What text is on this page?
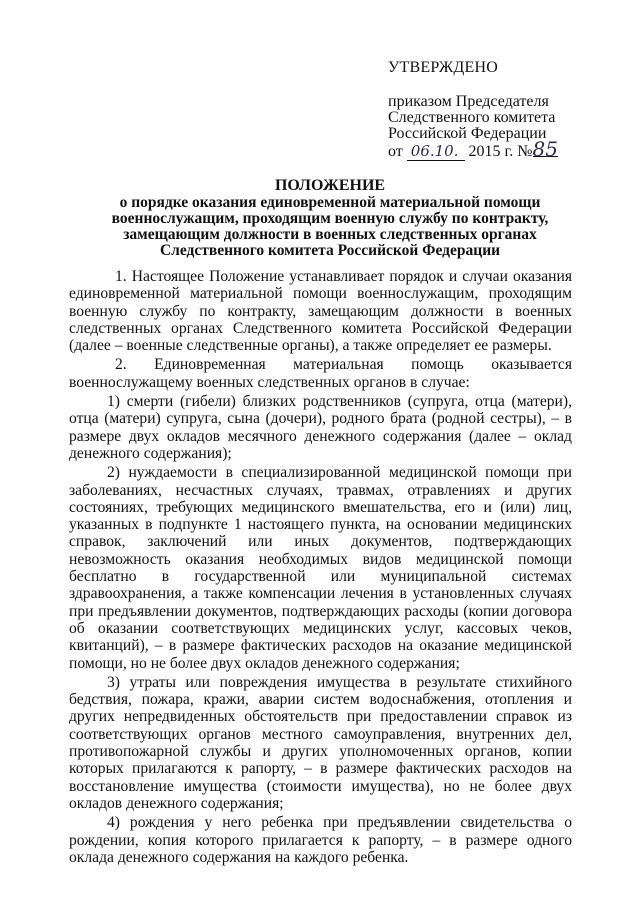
УТВЕРЖДЕНО
приказом Председателя
Следственного комитета
Российской Федерации
от 06.10. 2015 г. №85
ПОЛОЖЕНИЕ
о порядке оказания единовременной материальной помощи
военнослужащим, проходящим военную службу по контракту,
замещающим должности в военных следственных органах
Следственного комитета Российской Федерации

1. Настоящее Положение устанавливает порядок и случаи оказания единовременной материальной помощи военнослужащим, проходящим военную службу по контракту, замещающим должности в военных следственных органах Следственного комитета Российской Федерации (далее – военные следственные органы), а также определяет ее размеры.

2. Единовременная материальная помощь оказывается военнослужащему военных следственных органов в случае:

1) смерти (гибели) близких родственников (супруга, отца (матери), отца (матери) супруга, сына (дочери), родного брата (родной сестры), – в размере двух окладов месячного денежного содержания (далее – оклад денежного содержания);

2) нуждаемости в специализированной медицинской помощи при заболеваниях, несчастных случаях, травмах, отравлениях и других состояниях, требующих медицинского вмешательства, его и (или) лиц, указанных в подпункте 1 настоящего пункта, на основании медицинских справок, заключений или иных документов, подтверждающих невозможность оказания необходимых видов медицинской помощи бесплатно в государственной или муниципальной системах здравоохранения, а также компенсации лечения в установленных случаях при предъявлении документов, подтверждающих расходы (копии договора об оказании соответствующих медицинских услуг, кассовых чеков, квитанций), – в размере фактических расходов на оказание медицинской помощи, но не более двух окладов денежного содержания;

3) утраты или повреждения имущества в результате стихийного бедствия, пожара, кражи, аварии систем водоснабжения, отопления и других непредвиденных обстоятельств при предоставлении справок из соответствующих органов местного самоуправления, внутренних дел, противопожарной службы и других уполномоченных органов, копии которых прилагаются к рапорту, – в размере фактических расходов на восстановление имущества (стоимости имущества), но не более двух окладов денежного содержания;

4) рождения у него ребенка при предъявлении свидетельства о рождении, копия которого прилагается к рапорту, – в размере одного оклада денежного содержания на каждого ребенка.
